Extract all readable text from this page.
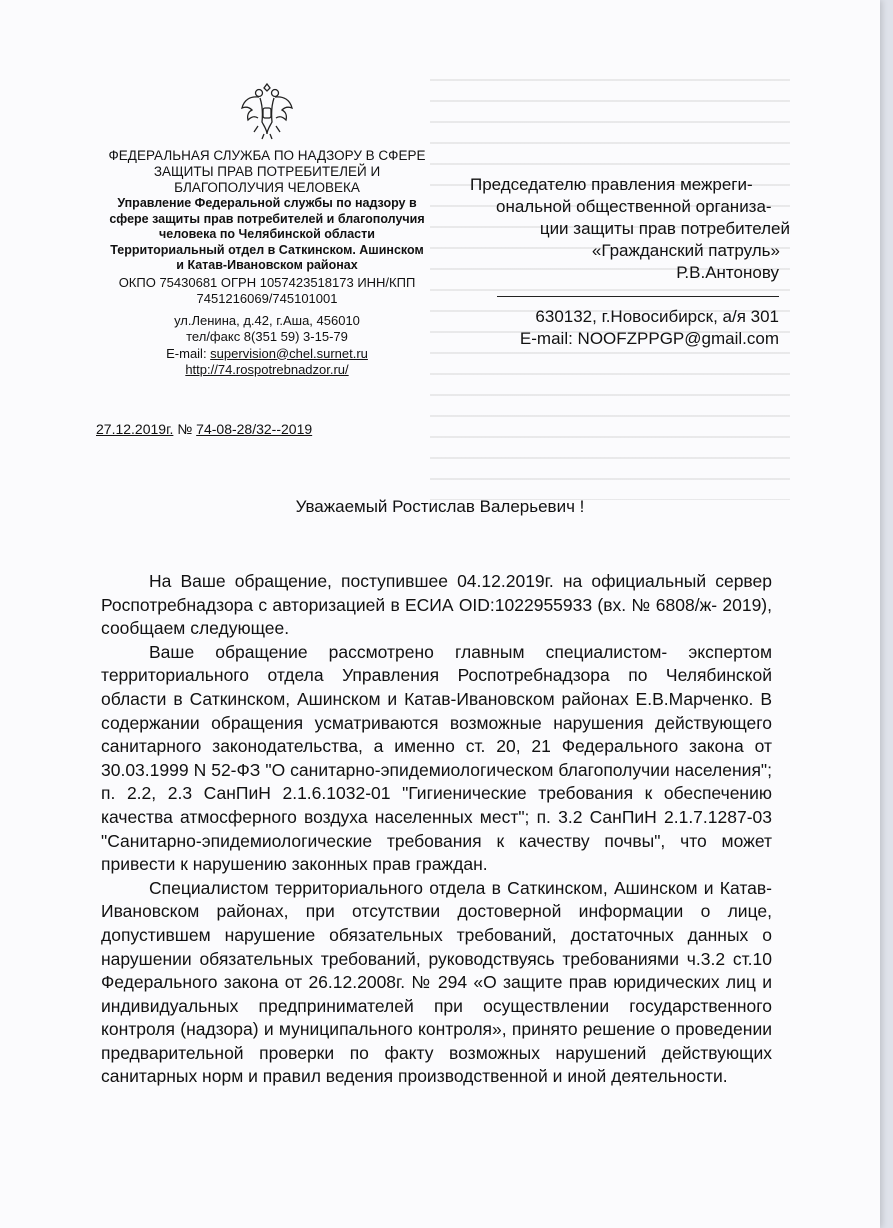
ФЕДЕРАЛЬНАЯ СЛУЖБА ПО НАДЗОРУ В СФЕРЕ
ЗАЩИТЫ ПРАВ ПОТРЕБИТЕЛЕЙ И
БЛАГОПОЛУЧИЯ ЧЕЛОВЕКА
Управление Федеральной службы по надзору в
сфере защиты прав потребителей и благополучия
человека по Челябинской области
Территориальный отдел в Саткинском. Ашинском
и Катав-Ивановском районах
ОКПО 75430681 ОГРН 1057423518173 ИНН/КПП
7451216069/745101001
ул.Ленина, д.42, г.Аша, 456010
тел/факс 8(351 59) 3-15-79
E-mail: supervision@chel.surnet.ru
http://74.rospotrebnadzor.ru/
27.12.2019г. № 74-08-28/32--2019
Председателю правления межреги-
ональной общественной организа-
ции защиты прав потребителей
«Гражданский патруль»
Р.В.Антонову
630132, г.Новосибирск, а/я 301
E-mail: NOOFZPPGP@gmail.com
Уважаемый Ростислав Валерьевич !

На Ваше обращение, поступившее 04.12.2019г. на официальный сервер Роспотребнадзора с авторизацией в ЕСИА OID:1022955933 (вх. № 6808/ж- 2019), сообщаем следующее.

Ваше обращение рассмотрено главным специалистом- экспертом территориального отдела Управления Роспотребнадзора по Челябинской области в Саткинском, Ашинском и Катав-Ивановском районах Е.В.Марченко. В содержании обращения усматриваются возможные нарушения действующего санитарного законодательства, а именно ст. 20, 21 Федерального закона от 30.03.1999 N 52-ФЗ "О санитарно-эпидемиологическом благополучии населения"; п. 2.2, 2.3 СанПиН 2.1.6.1032-01 "Гигиенические требования к обеспечению качества атмосферного воздуха населенных мест"; п. 3.2 СанПиН 2.1.7.1287-03 "Санитарно-эпидемиологические требования к качеству почвы", что может привести к нарушению законных прав граждан.

Специалистом территориального отдела в Саткинском, Ашинском и Катав- Ивановском районах, при отсутствии достоверной информации о лице, допустившем нарушение обязательных требований, достаточных данных о нарушении обязательных требований, руководствуясь требованиями ч.3.2 ст.10 Федерального закона от 26.12.2008г. № 294 «О защите прав юридических лиц и индивидуальных предпринимателей при осуществлении государственного контроля (надзора) и муниципального контроля», принято решение о проведении предварительной проверки по факту возможных нарушений действующих санитарных норм и правил ведения производственной и иной деятельности.
